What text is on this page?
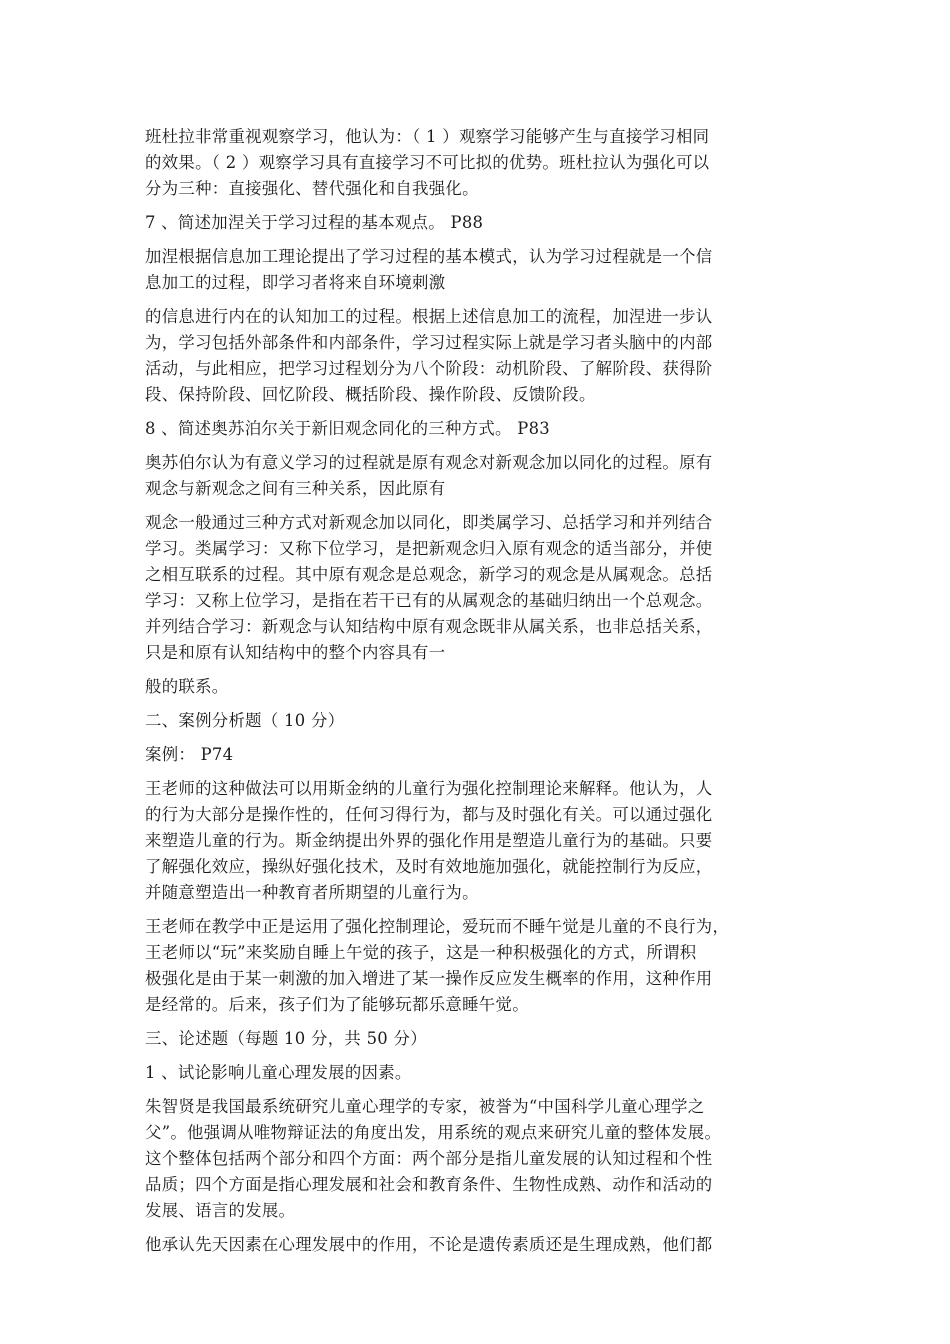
班杜拉非常重视观察学习，他认为：（ 1 ）观察学习能够产生与直接学习相同
的效果。（ 2 ）观察学习具有直接学习不可比拟的优势。班杜拉认为强化可以
分为三种：直接强化、替代强化和自我强化。

7 、简述加涅关于学习过程的基本观点。 P88

加涅根据信息加工理论提出了学习过程的基本模式，认为学习过程就是一个信
息加工的过程，即学习者将来自环境刺激

的信息进行内在的认知加工的过程。根据上述信息加工的流程，加涅进一步认
为，学习包括外部条件和内部条件，学习过程实际上就是学习者头脑中的内部
活动，与此相应，把学习过程划分为八个阶段：动机阶段、了解阶段、获得阶
段、保持阶段、回忆阶段、概括阶段、操作阶段、反馈阶段。

8 、简述奥苏泊尔关于新旧观念同化的三种方式。 P83

奥苏伯尔认为有意义学习的过程就是原有观念对新观念加以同化的过程。原有
观念与新观念之间有三种关系，因此原有

观念一般通过三种方式对新观念加以同化，即类属学习、总括学习和并列结合
学习。类属学习：又称下位学习，是把新观念归入原有观念的适当部分，并使
之相互联系的过程。其中原有观念是总观念，新学习的观念是从属观念。总括
学习：又称上位学习，是指在若干已有的从属观念的基础归纳出一个总观念。
并列结合学习：新观念与认知结构中原有观念既非从属关系，也非总括关系，
只是和原有认知结构中的整个内容具有一

般的联系。

二、案例分析题（ 10 分）

案例： P74

王老师的这种做法可以用斯金纳的儿童行为强化控制理论来解释。他认为，人
的行为大部分是操作性的，任何习得行为，都与及时强化有关。可以通过强化
来塑造儿童的行为。斯金纳提出外界的强化作用是塑造儿童行为的基础。只要
了解强化效应，操纵好强化技术，及时有效地施加强化，就能控制行为反应，
并随意塑造出一种教育者所期望的儿童行为。

王老师在教学中正是运用了强化控制理论，爱玩而不睡午觉是儿童的不良行为，
王老师以“玩”来奖励自睡上午觉的孩子，这是一种积极强化的方式，所谓积
极强化是由于某一刺激的加入增进了某一操作反应发生概率的作用，这种作用
是经常的。后来，孩子们为了能够玩都乐意睡午觉。

三、论述题（每题 10 分，共 50 分）

1 、试论影响儿童心理发展的因素。

朱智贤是我国最系统研究儿童心理学的专家，被誉为“中国科学儿童心理学之
父”。他强调从唯物辩证法的角度出发，用系统的观点来研究儿童的整体发展。
这个整体包括两个部分和四个方面：两个部分是指儿童发展的认知过程和个性
品质；四个方面是指心理发展和社会和教育条件、生物性成熟、动作和活动的
发展、语言的发展。

他承认先天因素在心理发展中的作用，不论是遗传素质还是生理成熟，他们都
